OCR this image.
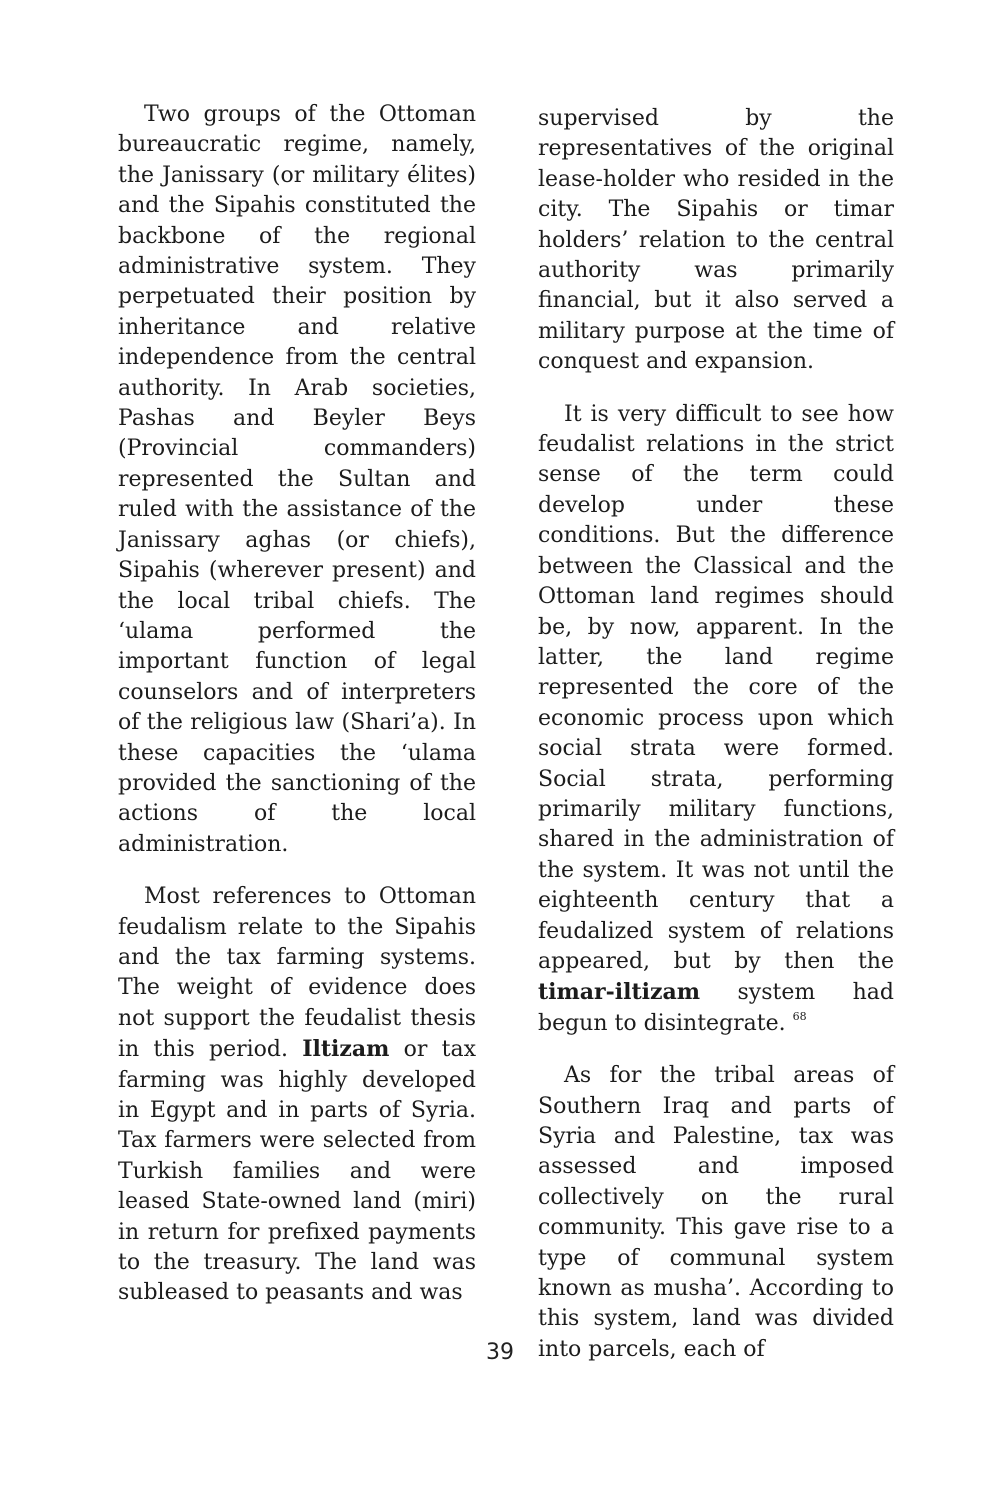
Two groups of the Ottoman bureaucratic regime, namely, the Janissary (or military élites) and the Sipahis constituted the backbone of the regional administrative system. They perpetuated their position by inheritance and relative independence from the central authority. In Arab societies, Pashas and Beyler Beys (Provincial commanders) represented the Sultan and ruled with the assistance of the Janissary aghas (or chiefs), Sipahis (wherever present) and the local tribal chiefs. The ‘ulama performed the important function of legal counselors and of interpreters of the religious law (Shari’a). In these capacities the ‘ulama provided the sanctioning of the actions of the local administration.

Most references to Ottoman feudalism relate to the Sipahis and the tax farming systems. The weight of evidence does not support the feudalist thesis in this period. Iltizam or tax farming was highly developed in Egypt and in parts of Syria. Tax farmers were selected from Turkish families and were leased State-owned land (miri) in return for prefixed payments to the treasury. The land was subleased to peasants and was

supervised by the representatives of the original lease-holder who resided in the city. The Sipahis or timar holders’ relation to the central authority was primarily financial, but it also served a military purpose at the time of conquest and expansion.

It is very difficult to see how feudalist relations in the strict sense of the term could develop under these conditions. But the difference between the Classical and the Ottoman land regimes should be, by now, apparent. In the latter, the land regime represented the core of the economic process upon which social strata were formed. Social strata, performing primarily military functions, shared in the administration of the system. It was not until the eighteenth century that a feudalized system of relations appeared, but by then the timar-iltizam system had begun to disintegrate. $^{68}$

As for the tribal areas of Southern Iraq and parts of Syria and Palestine, tax was assessed and imposed collectively on the rural community. This gave rise to a type of communal system known as musha’. According to this system, land was divided into parcels, each of

39
